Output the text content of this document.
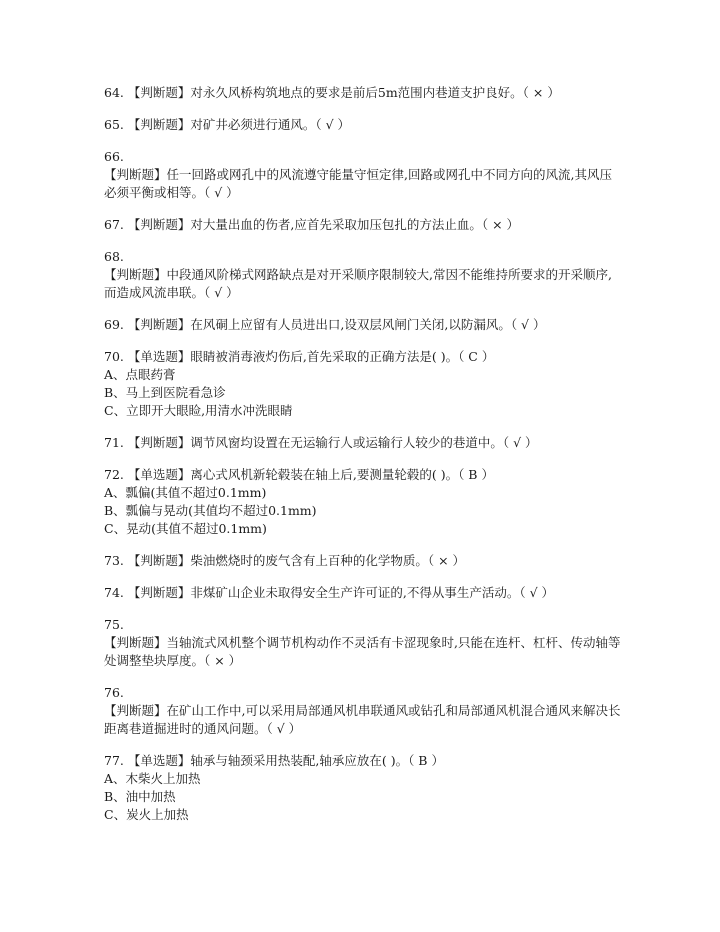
64. 【判断题】对永久风桥构筑地点的要求是前后5m范围内巷道支护良好。（ × ）
65. 【判断题】对矿井必须进行通风。（ √ ）
66.
【判断题】任一回路或网孔中的风流遵守能量守恒定律,回路或网孔中不同方向的风流,其风压必须平衡或相等。（ √ ）
67. 【判断题】对大量出血的伤者,应首先采取加压包扎的方法止血。（ × ）
68.
【判断题】中段通风阶梯式网路缺点是对开采顺序限制较大,常因不能维持所要求的开采顺序,而造成风流串联。（ √ ）
69. 【判断题】在风硐上应留有人员进出口,设双层风闸门关闭,以防漏风。（ √ ）
70. 【单选题】眼睛被消毒液灼伤后,首先采取的正确方法是( )。（ C ）
A、点眼药膏
B、马上到医院看急诊
C、立即开大眼睑,用清水冲洗眼睛
71. 【判断题】调节风窗均设置在无运输行人或运输行人较少的巷道中。（ √ ）
72. 【单选题】离心式风机新轮毂装在轴上后,要测量轮毂的( )。（ B ）
A、瓢偏(其值不超过0.1mm)
B、瓢偏与晃动(其值均不超过0.1mm)
C、晃动(其值不超过0.1mm)
73. 【判断题】柴油燃烧时的废气含有上百种的化学物质。（ × ）
74. 【判断题】非煤矿山企业未取得安全生产许可证的,不得从事生产活动。（ √ ）
75.
【判断题】当轴流式风机整个调节机构动作不灵活有卡涩现象时,只能在连杆、杠杆、传动轴等处调整垫块厚度。（ × ）
76.
【判断题】在矿山工作中,可以采用局部通风机串联通风或钻孔和局部通风机混合通风来解决长距离巷道掘进时的通风问题。（ √ ）
77. 【单选题】轴承与轴颈采用热装配,轴承应放在( )。（ B ）
A、木柴火上加热
B、油中加热
C、炭火上加热
